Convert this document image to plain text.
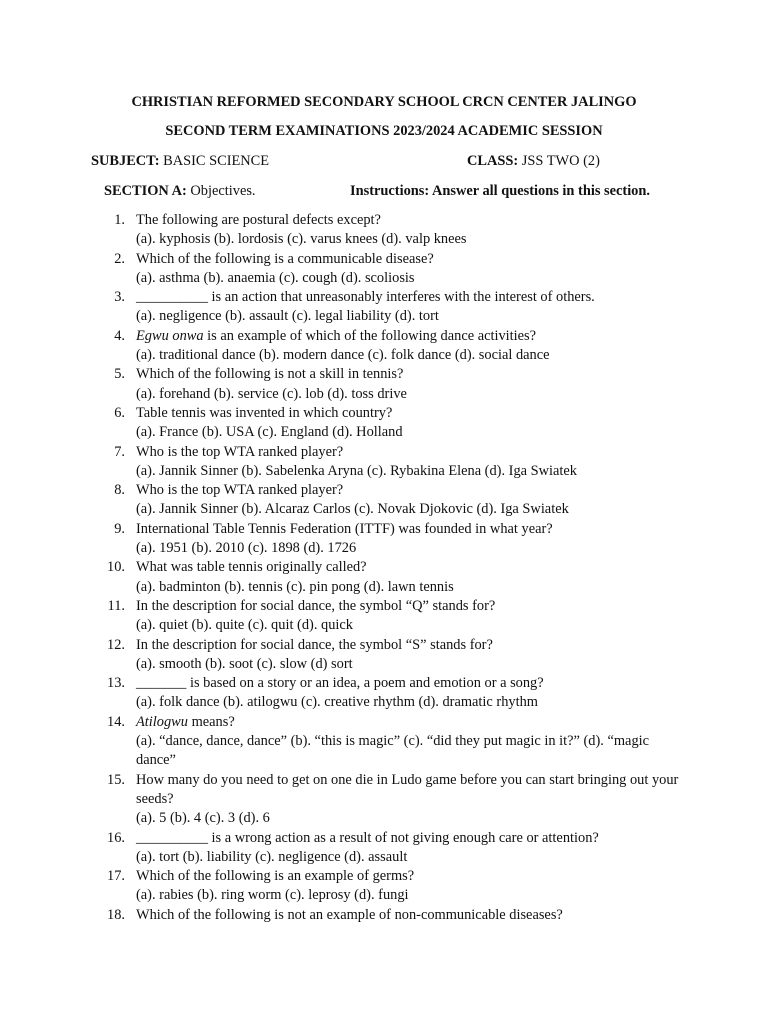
CHRISTIAN REFORMED SECONDARY SCHOOL CRCN CENTER JALINGO
SECOND TERM EXAMINATIONS 2023/2024 ACADEMIC SESSION
SUBJECT: BASIC SCIENCE	CLASS: JSS TWO (2)
SECTION A: Objectives.	Instructions: Answer all questions in this section.
1. The following are postural defects except?
(a). kyphosis (b). lordosis (c). varus knees (d). valp knees
2. Which of the following is a communicable disease?
(a). asthma (b). anaemia (c). cough (d). scoliosis
3. __________ is an action that unreasonably interferes with the interest of others.
(a). negligence (b). assault (c). legal liability (d). tort
4. Egwu onwa is an example of which of the following dance activities?
(a). traditional dance (b). modern dance (c). folk dance (d). social dance
5. Which of the following is not a skill in tennis?
(a). forehand (b). service (c). lob (d). toss drive
6. Table tennis was invented in which country?
(a). France (b). USA (c). England (d). Holland
7. Who is the top WTA ranked player?
(a). Jannik Sinner (b). Sabelenka Aryna (c). Rybakina Elena (d). Iga Swiatek
8. Who is the top WTA ranked player?
(a). Jannik Sinner (b). Alcaraz Carlos (c). Novak Djokovic (d). Iga Swiatek
9. International Table Tennis Federation (ITTF) was founded in what year?
(a). 1951 (b). 2010 (c). 1898 (d). 1726
10. What was table tennis originally called?
(a). badminton (b). tennis (c). pin pong (d). lawn tennis
11. In the description for social dance, the symbol “Q” stands for?
(a). quiet (b). quite (c). quit (d). quick
12. In the description for social dance, the symbol “S” stands for?
(a). smooth (b). soot (c). slow (d) sort
13. _______ is based on a story or an idea, a poem and emotion or a song?
(a). folk dance (b). atilogwu (c). creative rhythm (d). dramatic rhythm
14. Atilogwu means?
(a). “dance, dance, dance” (b). “this is magic” (c). “did they put magic in it?” (d). “magic dance”
15. How many do you need to get on one die in Ludo game before you can start bringing out your seeds?
(a). 5 (b). 4 (c). 3 (d). 6
16. __________ is a wrong action as a result of not giving enough care or attention?
(a). tort (b). liability (c). negligence (d). assault
17. Which of the following is an example of germs?
(a). rabies (b). ring worm (c). leprosy (d). fungi
18. Which of the following is not an example of non-communicable diseases?
